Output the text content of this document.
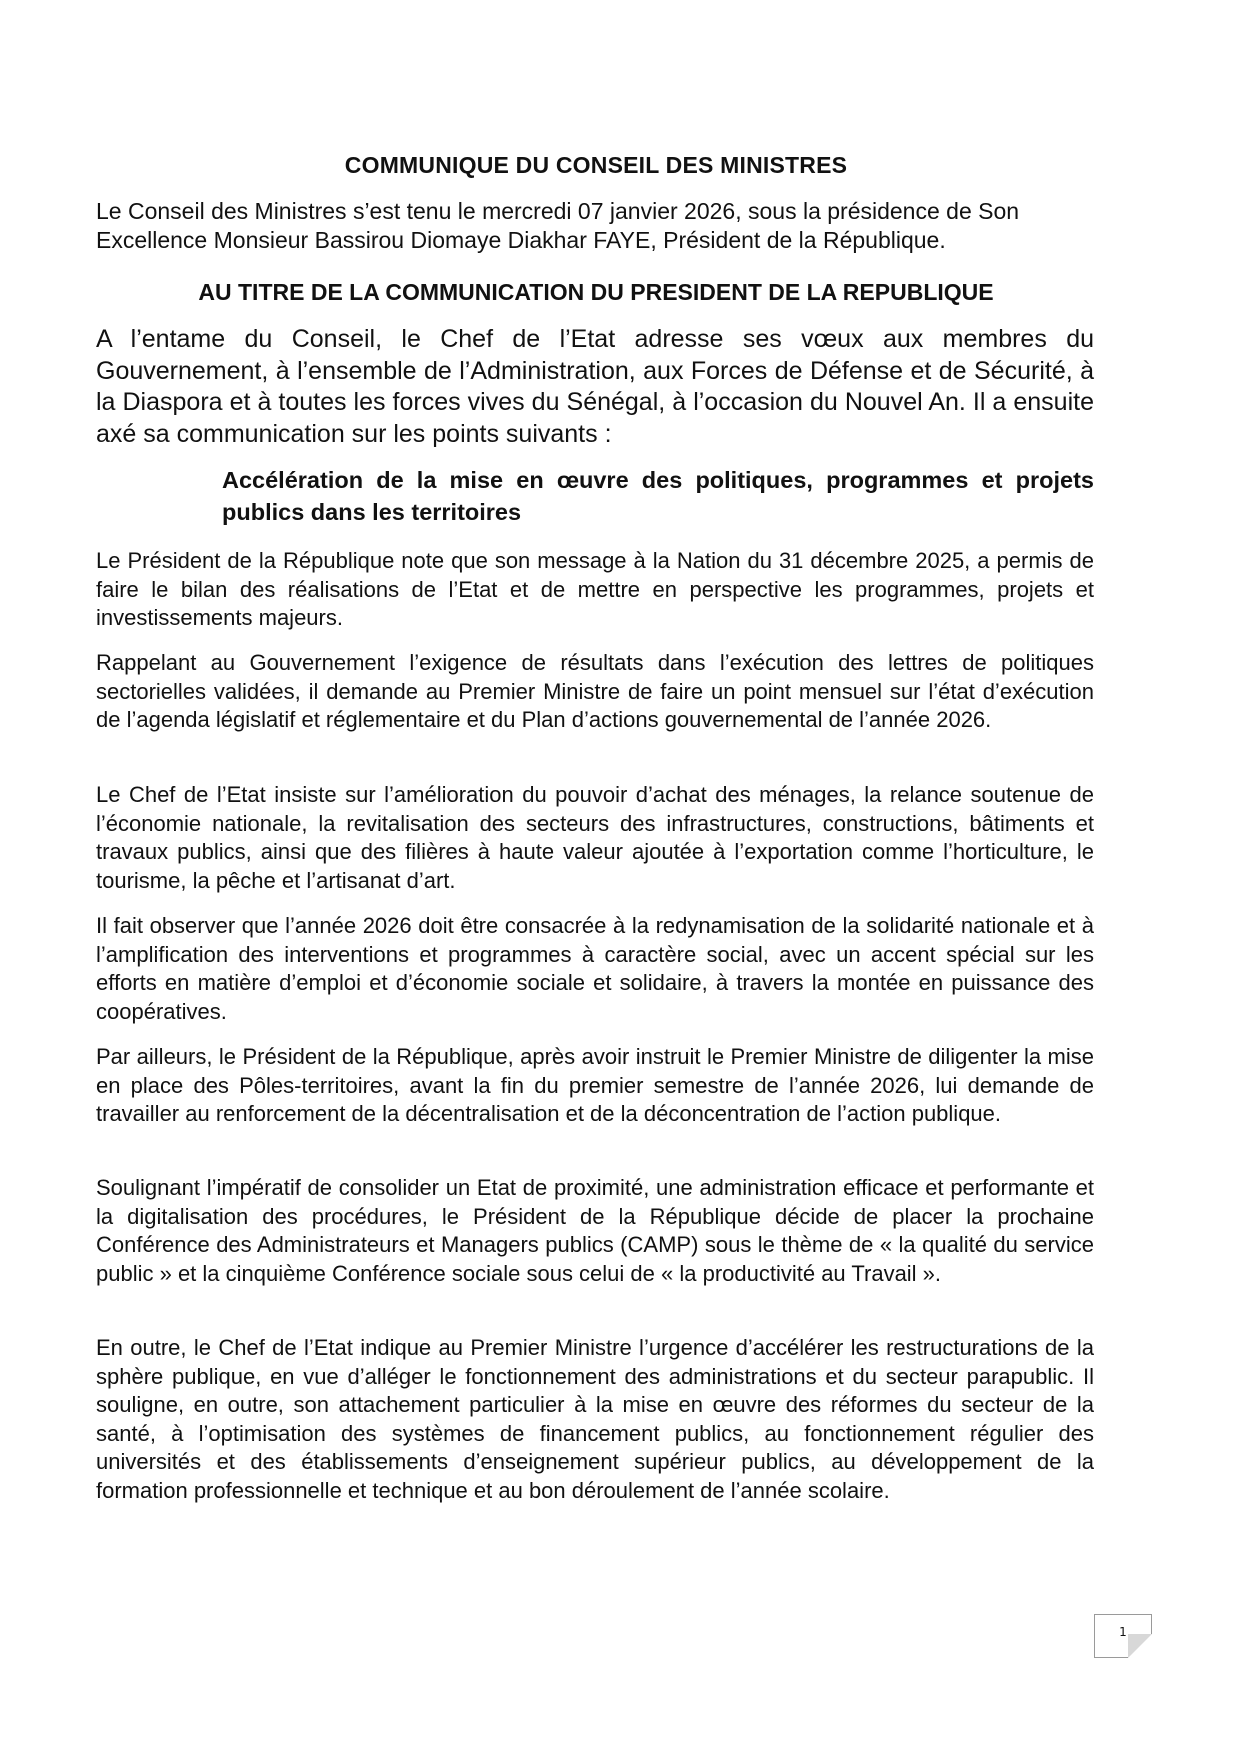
COMMUNIQUE DU CONSEIL DES MINISTRES
Le Conseil des Ministres s’est tenu le mercredi 07 janvier 2026, sous la présidence de Son Excellence Monsieur Bassirou Diomaye Diakhar FAYE, Président de la République.
AU TITRE DE LA COMMUNICATION DU PRESIDENT DE LA REPUBLIQUE
A l’entame du Conseil, le Chef de l’Etat adresse ses vœux aux membres du Gouvernement, à l’ensemble de l’Administration, aux Forces de Défense et de Sécurité, à la Diaspora et à toutes les forces vives du Sénégal, à l’occasion du Nouvel An. Il a ensuite axé sa communication sur les points suivants :
Accélération de la mise en œuvre des politiques, programmes et projets publics dans les territoires

Le Président de la République note que son message à la Nation du 31 décembre 2025, a permis de faire le bilan des réalisations de l’Etat et de mettre en perspective les programmes, projets et investissements majeurs.

Rappelant au Gouvernement l’exigence de résultats dans l’exécution des lettres de politiques sectorielles validées, il demande au Premier Ministre de faire un point mensuel sur l’état d’exécution de l’agenda législatif et réglementaire et du Plan d’actions gouvernemental de l’année 2026.

Le Chef de l’Etat insiste sur l’amélioration du pouvoir d’achat des ménages, la relance soutenue de l’économie nationale, la revitalisation des secteurs des infrastructures, constructions, bâtiments et travaux publics, ainsi que des filières à haute valeur ajoutée à l’exportation comme l’horticulture, le tourisme, la pêche et l’artisanat d’art.

Il fait observer que l’année 2026 doit être consacrée à la redynamisation de la solidarité nationale et à l’amplification des interventions et programmes à caractère social, avec un accent spécial sur les efforts en matière d’emploi et d’économie sociale et solidaire, à travers la montée en puissance des coopératives.

Par ailleurs, le Président de la République, après avoir instruit le Premier Ministre de diligenter la mise en place des Pôles-territoires, avant la fin du premier semestre de l’année 2026, lui demande de travailler au renforcement de la décentralisation et de la déconcentration de l’action publique.

Soulignant l’impératif de consolider un Etat de proximité, une administration efficace et performante et la digitalisation des procédures, le Président de la République décide de placer la prochaine Conférence des Administrateurs et Managers publics (CAMP) sous le thème de « la qualité du service public » et la cinquième Conférence sociale sous celui de « la productivité au Travail ».

En outre, le Chef de l’Etat indique au Premier Ministre l’urgence d’accélérer les restructurations de la sphère publique, en vue d’alléger le fonctionnement des administrations et du secteur parapublic. Il souligne, en outre, son attachement particulier à la mise en œuvre des réformes du secteur de la santé, à l’optimisation des systèmes de financement publics, au fonctionnement régulier des universités et des établissements d’enseignement supérieur publics, au développement de la formation professionnelle et technique et au bon déroulement de l’année scolaire.

1
